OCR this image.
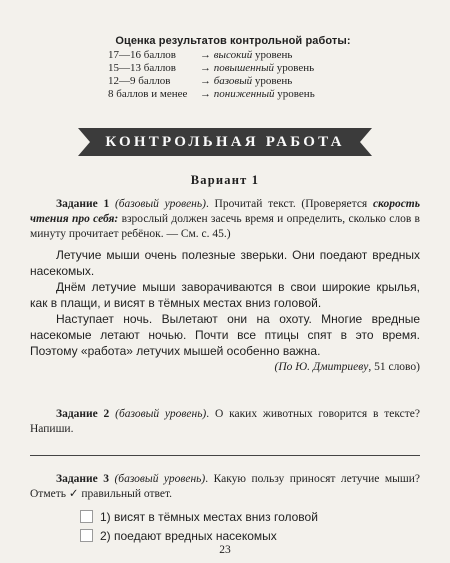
Оценка результатов контрольной работы:
17—16 баллов	→ высокий уровень
15—13 баллов	→ повышенный уровень
12—9 баллов	→ базовый уровень
8 баллов и менее	→ пониженный уровень
КОНТРОЛЬНАЯ РАБОТА
Вариант 1
Задание 1 (базовый уровень). Прочитай текст. (Проверяется скорость чтения про себя: взрослый должен засечь время и определить, сколько слов в минуту прочитает ребёнок. — См. с. 45.)

Летучие мыши очень полезные зверьки. Они поедают вредных насекомых.

Днём летучие мыши заворачиваются в свои широкие крылья, как в плащи, и висят в тёмных местах вниз головой.

Наступает ночь. Вылетают они на охоту. Многие вредные насекомые летают ночью. Почти все птицы спят в это время. Поэтому «работа» летучих мышей особенно важна.

(По Ю. Дмитриеву, 51 слово)
Задание 2 (базовый уровень). О каких животных говорится в тексте? Напиши.
Задание 3 (базовый уровень). Какую пользу приносят летучие мыши? Отметь ✓ правильный ответ.
1) висят в тёмных местах вниз головой
2) поедают вредных насекомых
23
